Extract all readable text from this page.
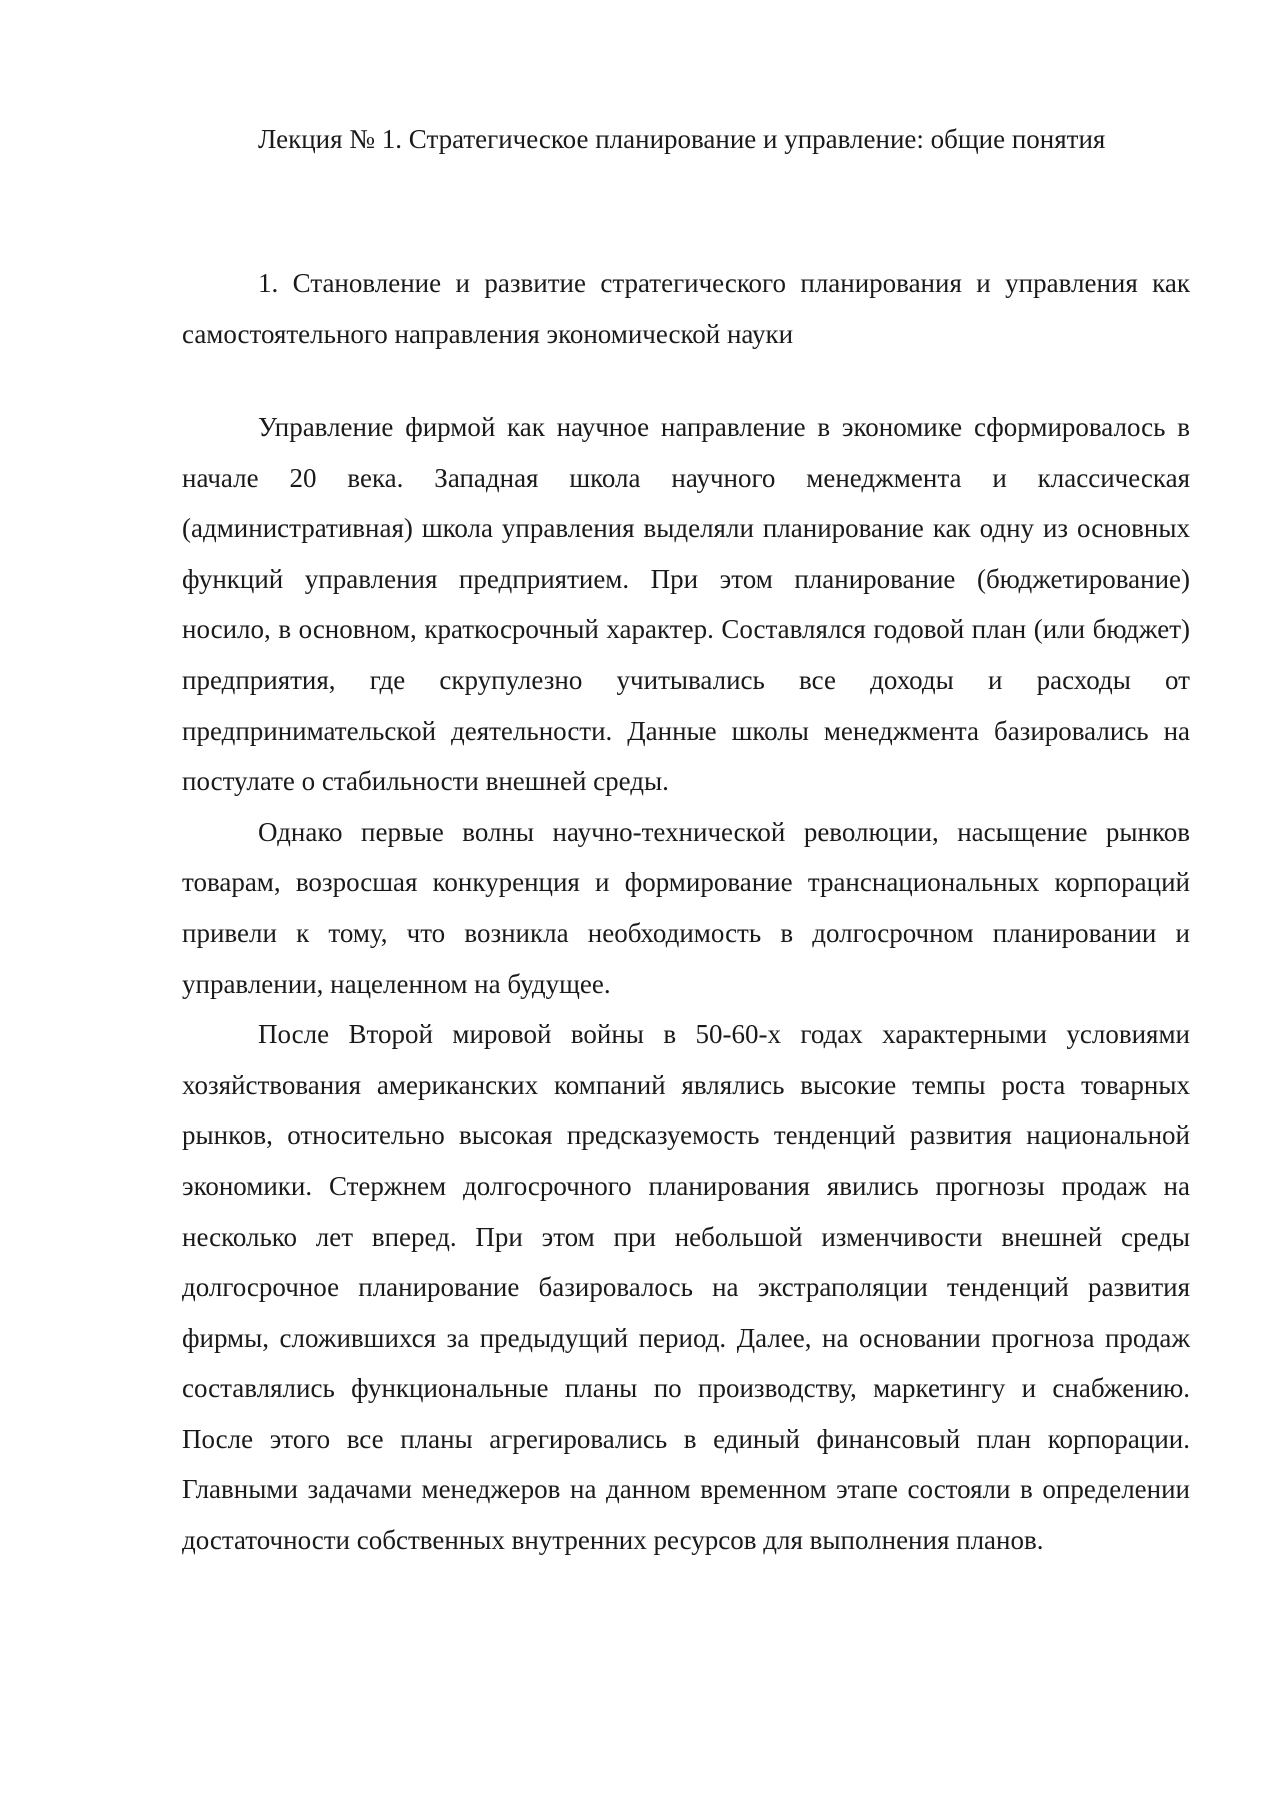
Лекция № 1. Стратегическое планирование и управление: общие понятия

1. Становление и развитие стратегического планирования и управления как самостоятельного направления экономической науки

Управление фирмой как научное направление в экономике сформировалось в начале 20 века. Западная школа научного менеджмента и классическая (административная) школа управления выделяли планирование как одну из основных функций управления предприятием. При этом планирование (бюджетирование) носило, в основном, краткосрочный характер. Составлялся годовой план (или бюджет) предприятия, где скрупулезно учитывались все доходы и расходы от предпринимательской деятельности. Данные школы менеджмента базировались на постулате о стабильности внешней среды.

Однако первые волны научно-технической революции, насыщение рынков товарам, возросшая конкуренция и формирование транснациональных корпораций привели к тому, что возникла необходимость в долгосрочном планировании и управлении, нацеленном на будущее.

После Второй мировой войны в 50-60-х годах характерными условиями хозяйствования американских компаний являлись высокие темпы роста товарных рынков, относительно высокая предсказуемость тенденций развития национальной экономики. Стержнем долгосрочного планирования явились прогнозы продаж на несколько лет вперед. При этом при небольшой изменчивости внешней среды долгосрочное планирование базировалось на экстраполяции тенденций развития фирмы, сложившихся за предыдущий период. Далее, на основании прогноза продаж составлялись функциональные планы по производству, маркетингу и снабжению. После этого все планы агрегировались в единый финансовый план корпорации. Главными задачами менеджеров на данном временном этапе состояли в определении достаточности собственных внутренних ресурсов для выполнения планов.
